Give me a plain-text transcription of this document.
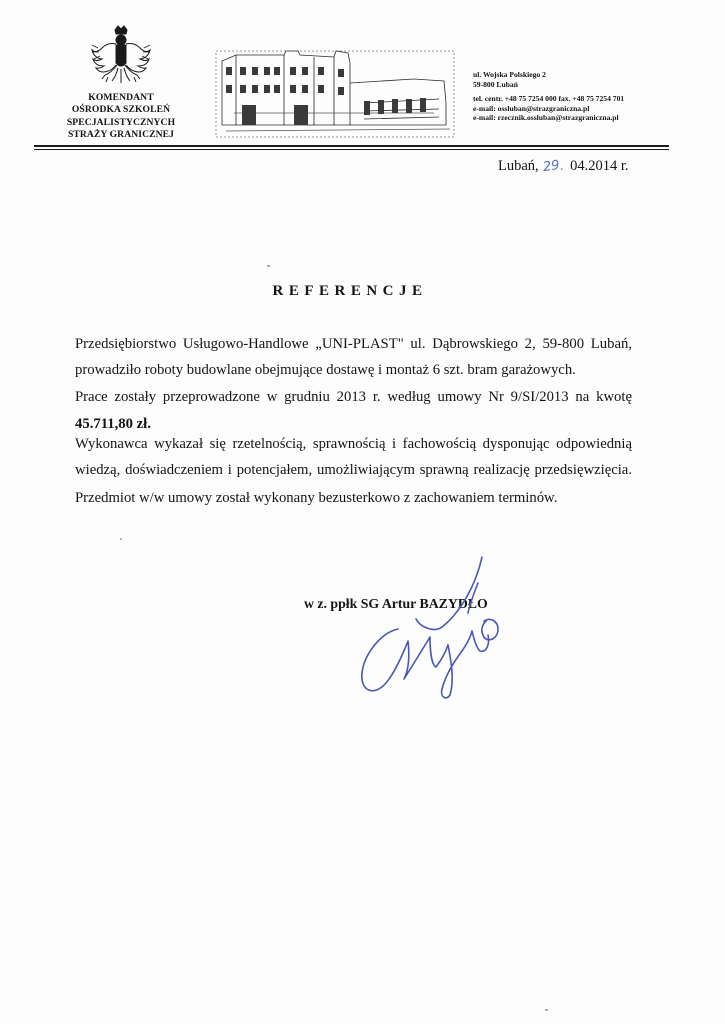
KOMENDANT
OŚRODKA SZKOLEŃ
SPECJALISTYCZNYCH
STRAŻY GRANICZNEJ
ul. Wojska Polskiego 2
59-800 Lubań
tel. centr. +48 75 7254 000 fax. +48 75 7254 701
e-mail: ossluban@strazgraniczna.pl
e-mail: rzecznik.ossluban@strazgraniczna.pl
Lubań, 29. 04.2014 r.
REFERENCJE
Przedsiębiorstwo Usługowo-Handlowe „UNI-PLAST" ul. Dąbrowskiego 2, 59-800 Lubań,
prowadziło roboty budowlane obejmujące dostawę i montaż 6 szt. bram garażowych.
Prace zostały przeprowadzone w grudniu 2013 r. według umowy Nr 9/SI/2013 na kwotę
45.711,80 zł.
Wykonawca wykazał się rzetelnością, sprawnością i fachowością dysponując odpowiednią
wiedzą, doświadczeniem i potencjałem, umożliwiającym sprawną realizację przedsięwzięcia.
Przedmiot w/w umowy został wykonany bezusterkowo z zachowaniem terminów.
w z. ppłk SG Artur BAZYDŁO
